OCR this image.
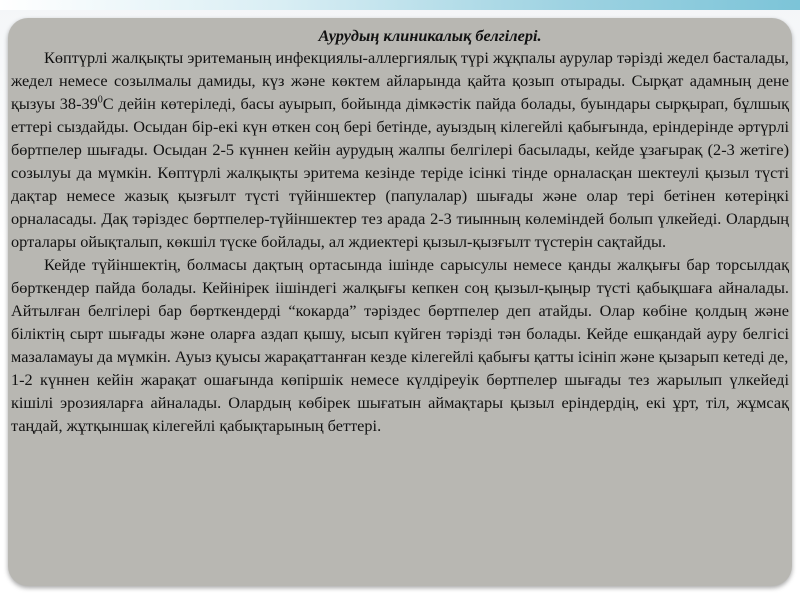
Аурудың клиникалық белгілері.

Көптүрлі жалқықты эритеманың инфекциялы-аллергиялық түрі жұқпалы аурулар тәрізді жедел басталады, жедел немесе созылмалы дамиды, күз және көктем айларында қайта қозып отырады. Сырқат адамның дене қызуы $38-39^0С$ дейін көтеріледі, басы ауырып, бойында дімкәстік пайда болады, буындары сырқырап, бұлшық еттері сыздайды. Осыдан бір-екі күн өткен соң бері бетінде, ауыздың кілегейлі қабығында, еріндерінде әртүрлі бөртпелер шығады. Осыдан 2-5 күннен кейін аурудың жалпы белгілері басылады, кейде ұзағырақ (2-3 жетіге) созылуы да мүмкін. Көптүрлі жалқықты эритема кезінде теріде ісінкі тінде орналасқан шектеулі қызыл түсті дақтар немесе жазық қызғылт түсті түйіншектер (папулалар) шығады және олар тері бетінен көтеріңкі орналасады. Дақ тәріздес бөртпелер-түйіншектер тез арада 2-3 тиынның көлеміндей болып үлкейеді. Олардың орталары ойықталып, көкшіл түске бойлады, ал ждиектері қызыл-қызғылт түстерін сақтайды.

Кейде түйіншектің, болмасы дақтың ортасында ішінде сарысулы немесе қанды жалқығы бар торсылдақ бөрткендер пайда болады. Кейінірек іішіндегі жалқығы кепкен соң қызыл-қыңыр түсті қабықшаға айналады. Айтылған белгілері бар бөрткендерді “кокарда” тәріздес бөртпелер деп атайды. Олар көбіне қолдың және біліктің сырт шығады және оларға аздап қышу, ысып күйген тәрізді тән болады. Кейде ешқандай ауру белгісі мазаламауы да мүмкін. Ауыз қуысы жарақаттанған кезде кілегейлі қабығы қатты ісініп және қызарып кетеді де,
1-2 күннен кейін жарақат ошағында көпіршік немесе күлдіреуік бөртпелер шығады тез жарылып үлкейеді кішілі эрозияларға айналады. Олардың көбірек шығатын аймақтары қызыл еріндердің, екі ұрт, тіл, жұмсақ таңдай, жұтқыншақ кілегейлі қабықтарының беттері.
